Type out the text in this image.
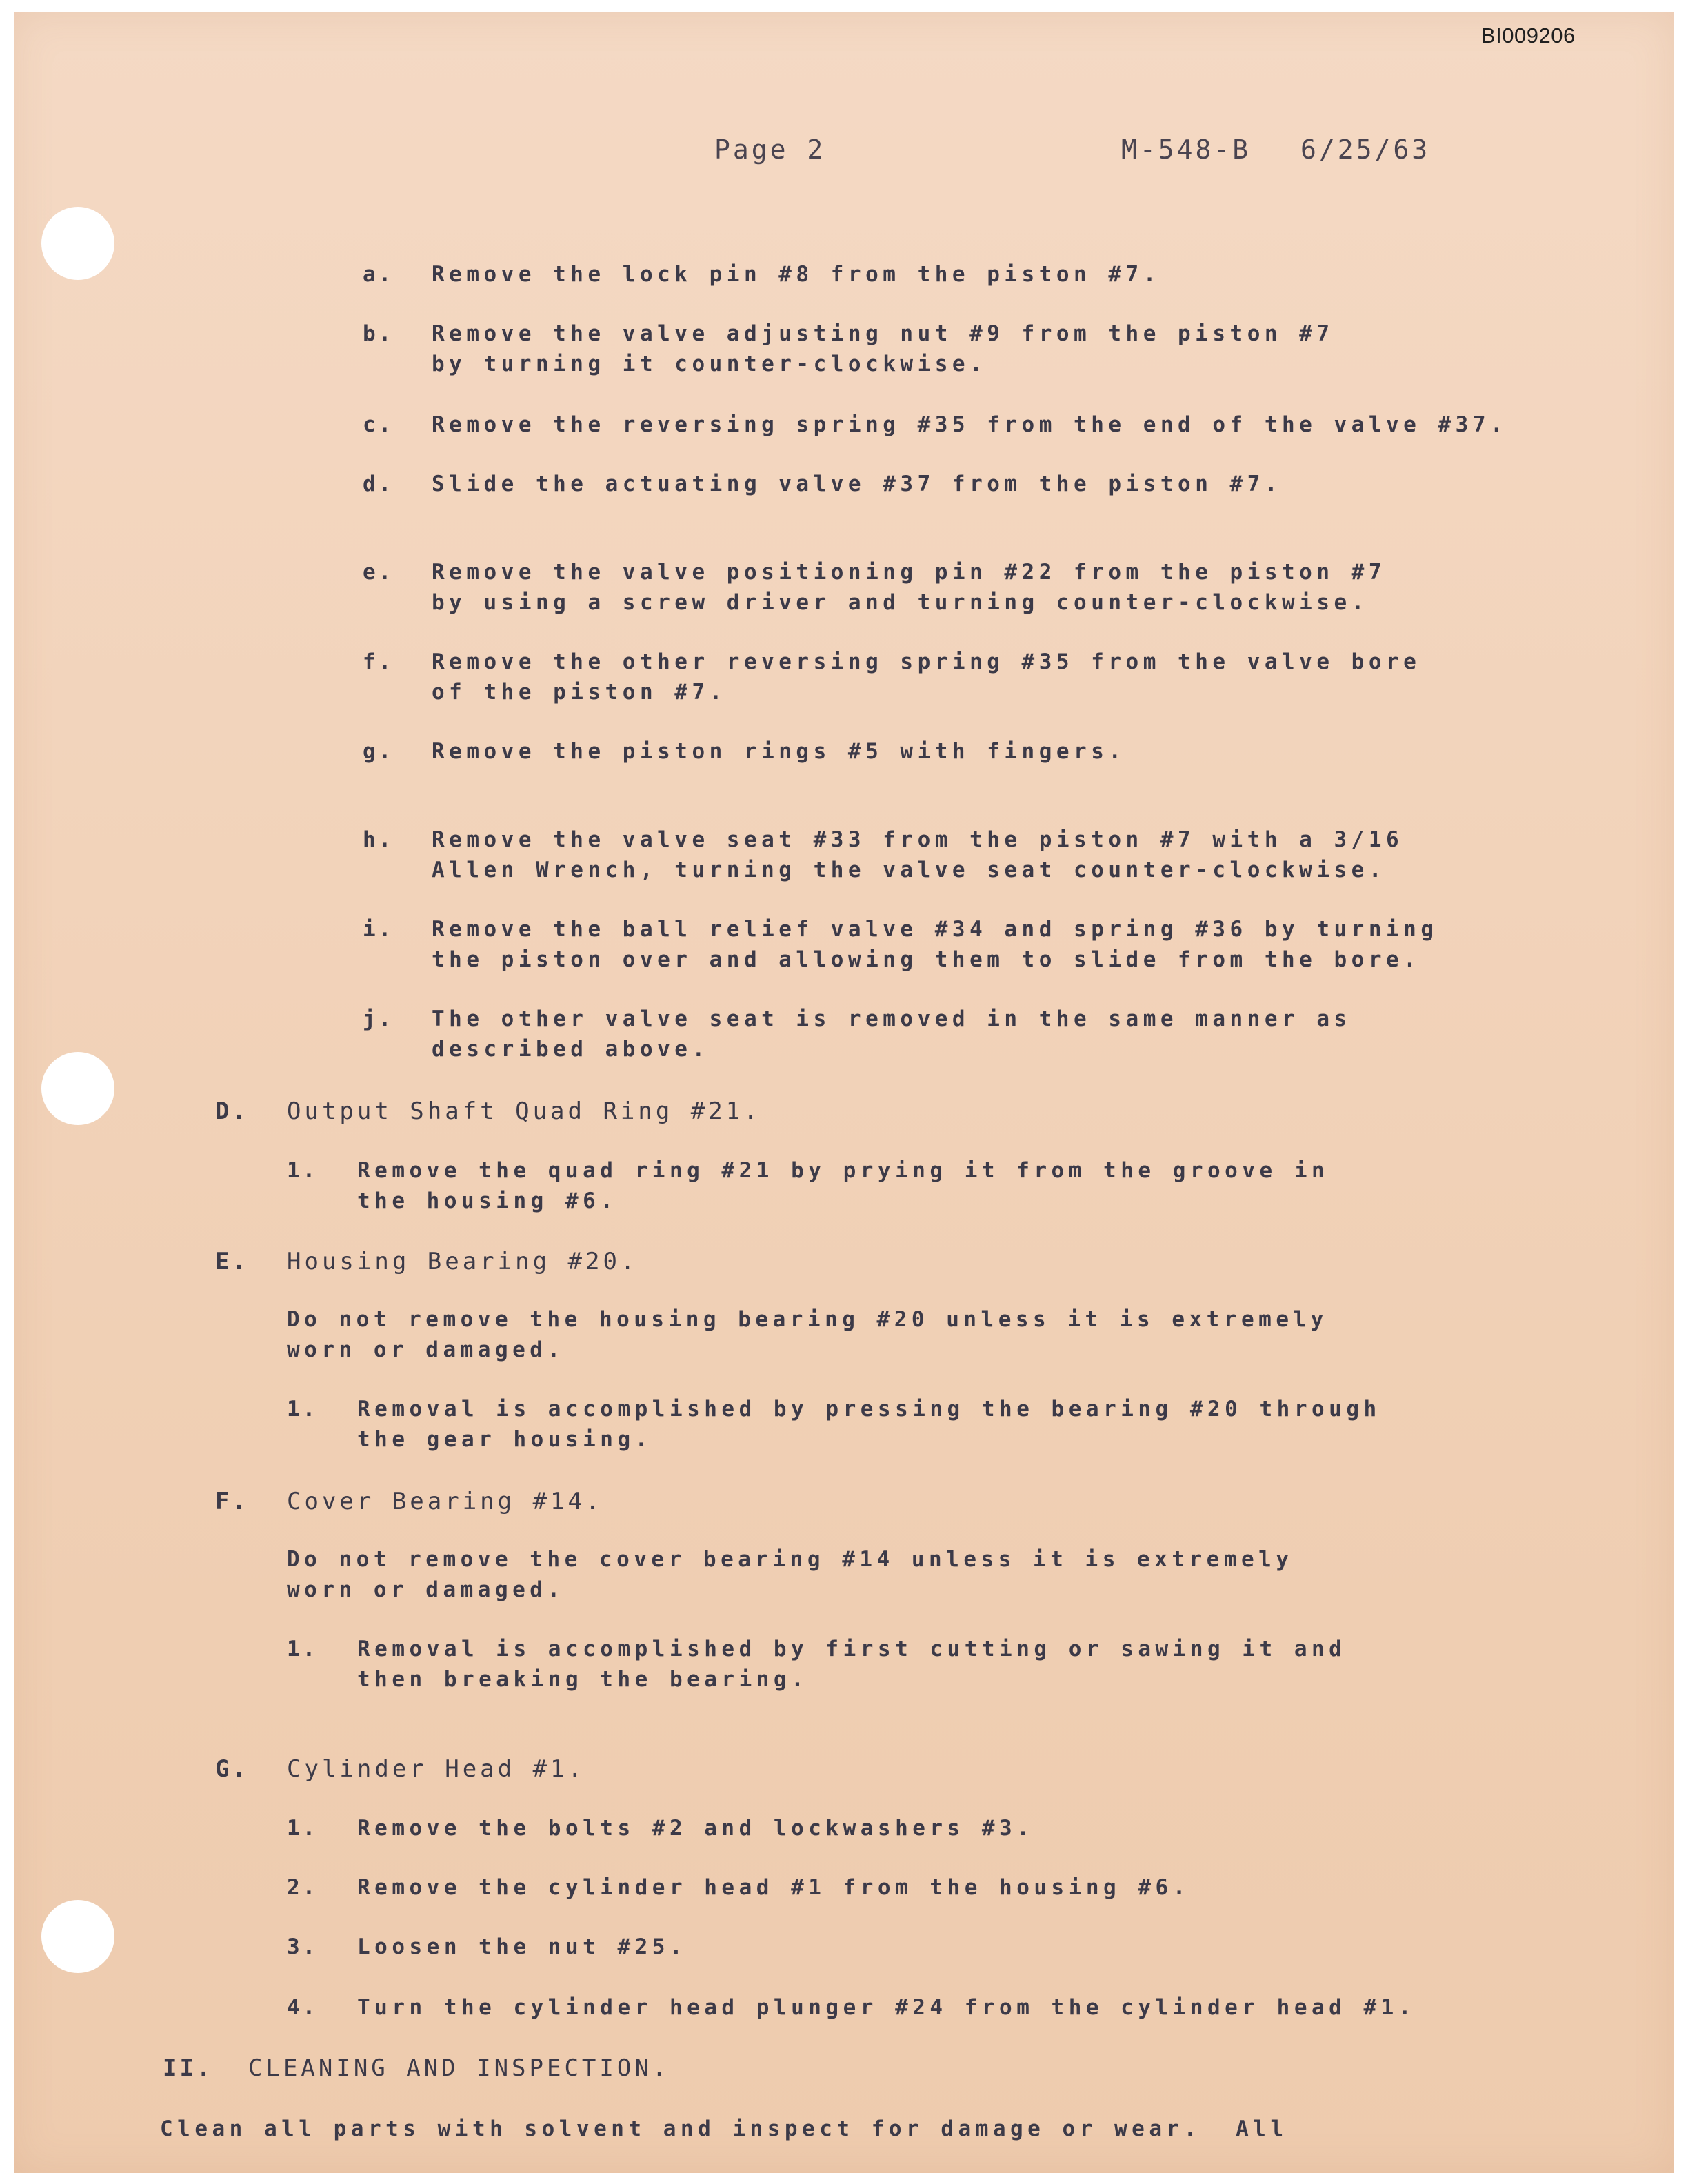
BI009206
Page 2	M-548-B 6/25/63
a. Remove the lock pin #8 from the piston #7.
b. Remove the valve adjusting nut #9 from the piston #7
by turning it counter-clockwise.
c. Remove the reversing spring #35 from the end of the valve #37.
d. Slide the actuating valve #37 from the piston #7.
e. Remove the valve positioning pin #22 from the piston #7
by using a screw driver and turning counter-clockwise.
f. Remove the other reversing spring #35 from the valve bore
of the piston #7.
g. Remove the piston rings #5 with fingers.
h. Remove the valve seat #33 from the piston #7 with a 3/16
Allen Wrench, turning the valve seat counter-clockwise.
i. Remove the ball relief valve #34 and spring #36 by turning
the piston over and allowing them to slide from the bore.
j. The other valve seat is removed in the same manner as
described above.
D. Output Shaft Quad Ring #21.
1. Remove the quad ring #21 by prying it from the groove in
the housing #6.
E. Housing Bearing #20.
Do not remove the housing bearing #20 unless it is extremely
worn or damaged.
1. Removal is accomplished by pressing the bearing #20 through
the gear housing.
F. Cover Bearing #14.
Do not remove the cover bearing #14 unless it is extremely
worn or damaged.
1. Removal is accomplished by first cutting or sawing it and
then breaking the bearing.
G. Cylinder Head #1.
1. Remove the bolts #2 and lockwashers #3.
2. Remove the cylinder head #1 from the housing #6.
3. Loosen the nut #25.
4. Turn the cylinder head plunger #24 from the cylinder head #1.
II. CLEANING AND INSPECTION.
Clean all parts with solvent and inspect for damage or wear.  All
